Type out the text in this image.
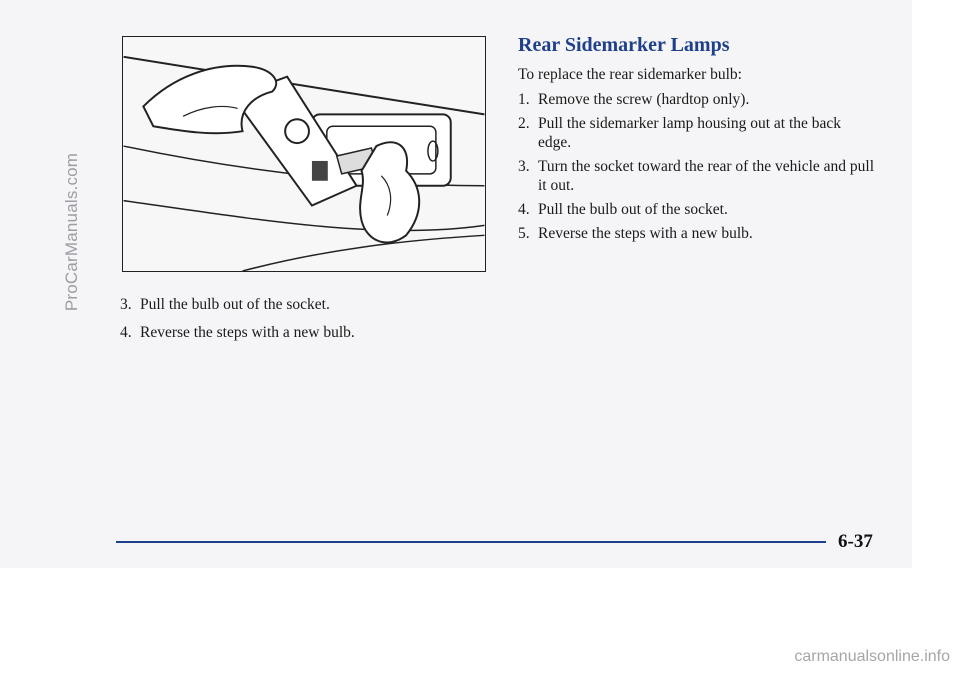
ProCarManuals.com	3. Pull the bulb out of the socket.
4. Reverse the steps with a new bulb.
Rear Sidemarker Lamps
To replace the rear sidemarker bulb:
1. Remove the screw (hardtop only).
2. Pull the sidemarker lamp housing out at the back edge.
3. Turn the socket toward the rear of the vehicle and pull it out.
4. Pull the bulb out of the socket.
5. Reverse the steps with a new bulb.
6-37
carmanualsonline.info
